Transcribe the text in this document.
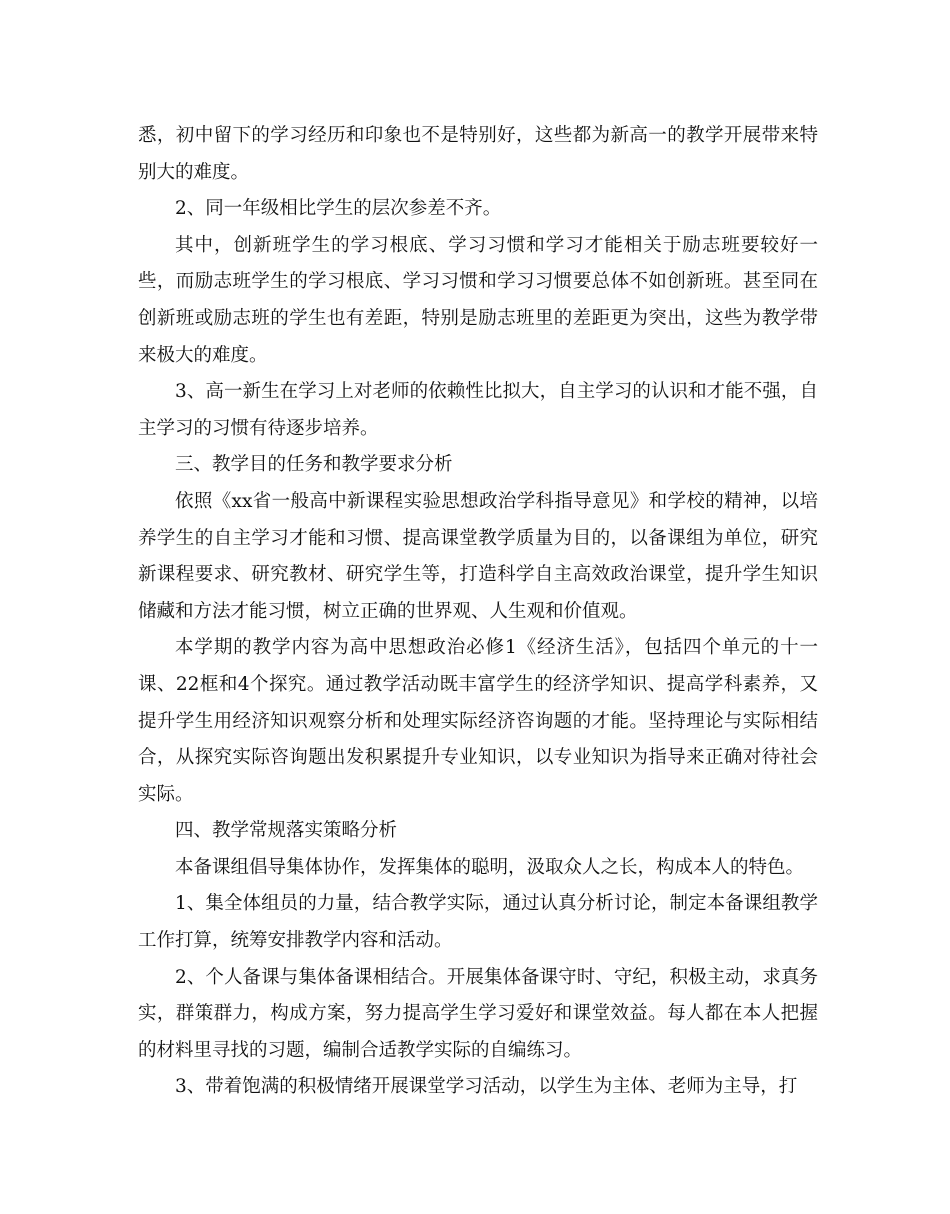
悉，初中留下的学习经历和印象也不是特别好，这些都为新高一的教学开展带来特别大的难度。

2、同一年级相比学生的层次参差不齐。

其中，创新班学生的学习根底、学习习惯和学习才能相关于励志班要较好一些，而励志班学生的学习根底、学习习惯和学习习惯要总体不如创新班。甚至同在创新班或励志班的学生也有差距，特别是励志班里的差距更为突出，这些为教学带来极大的难度。

3、高一新生在学习上对老师的依赖性比拟大，自主学习的认识和才能不强，自主学习的习惯有待逐步培养。

三、教学目的任务和教学要求分析

依照《xx省一般高中新课程实验思想政治学科指导意见》和学校的精神，以培养学生的自主学习才能和习惯、提高课堂教学质量为目的，以备课组为单位，研究新课程要求、研究教材、研究学生等，打造科学自主高效政治课堂，提升学生知识储藏和方法才能习惯，树立正确的世界观、人生观和价值观。

本学期的教学内容为高中思想政治必修1《经济生活》，包括四个单元的十一课、22框和4个探究。通过教学活动既丰富学生的经济学知识、提高学科素养，又提升学生用经济知识观察分析和处理实际经济咨询题的才能。坚持理论与实际相结合，从探究实际咨询题出发积累提升专业知识，以专业知识为指导来正确对待社会实际。

四、教学常规落实策略分析

本备课组倡导集体协作，发挥集体的聪明，汲取众人之长，构成本人的特色。

1、集全体组员的力量，结合教学实际，通过认真分析讨论，制定本备课组教学工作打算，统筹安排教学内容和活动。

2、个人备课与集体备课相结合。开展集体备课守时、守纪，积极主动，求真务实，群策群力，构成方案，努力提高学生学习爱好和课堂效益。每人都在本人把握的材料里寻找的习题，编制合适教学实际的自编练习。

3、带着饱满的积极情绪开展课堂学习活动，以学生为主体、老师为主导，打
